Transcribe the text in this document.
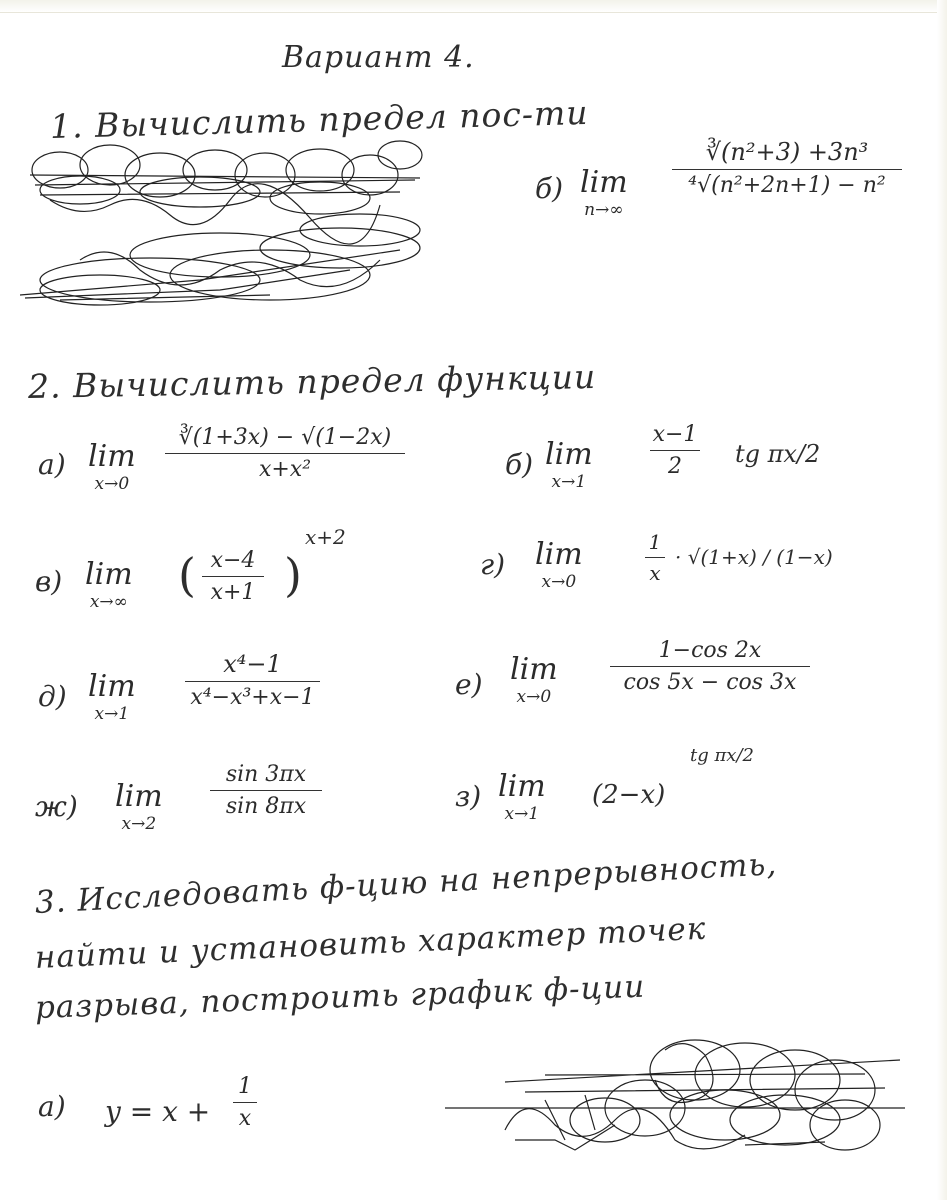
Вариант 4.
1. Вычислить предел пос-ти
б) lim
n→∞
∛(n²+3) +3n³
⁴√(n²+2n+1) − n²
2. Вычислить предел функции
а) lim
x→0
∛(1+3x) − √(1−2x)
x+x²	б) lim
x→1
x−1
2 tg πx/2
в) lim
x→∞ ( x−4
x+1 )
x+2
г) lim
x→0
1
x
· √(1+x) / (1−x)
д) lim
x→1
x⁴−1
x⁴−x³+x−1	е) lim
x→0
1−cos 2x
cos 5x − cos 3x
ж) lim
x→2
sin 3πx
sin 8πx	з) lim
x→1
(2−x)
tg πx/2
3. Исследовать ф-цию на непрерывность,
найти и установить характер точек
разрыва, построить график ф-ции
а) y = x +
1
x
